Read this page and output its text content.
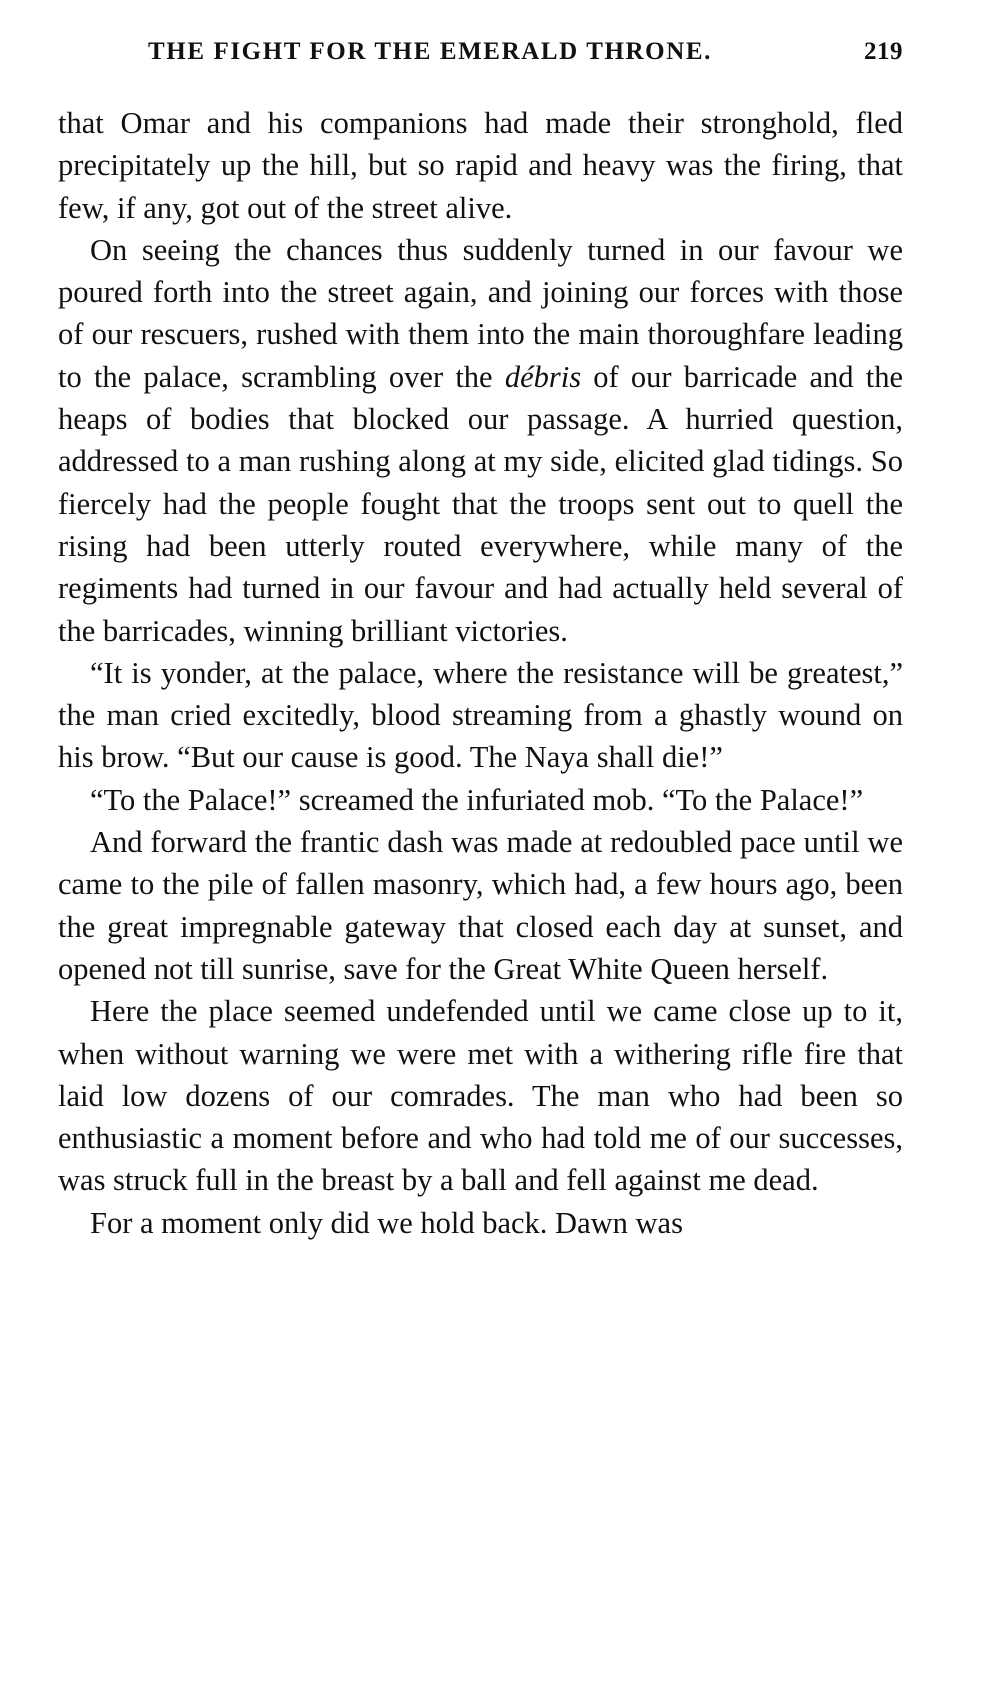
THE FIGHT FOR THE EMERALD THRONE.	219

that Omar and his companions had made their stronghold, fled precipitately up the hill, but so rapid and heavy was the firing, that few, if any, got out of the street alive.

On seeing the chances thus suddenly turned in our favour we poured forth into the street again, and joining our forces with those of our rescuers, rushed with them into the main thoroughfare leading to the palace, scrambling over the débris of our barricade and the heaps of bodies that blocked our passage. A hurried question, addressed to a man rushing along at my side, elicited glad tidings. So fiercely had the people fought that the troops sent out to quell the rising had been utterly routed everywhere, while many of the regiments had turned in our favour and had actually held several of the barricades, winning brilliant victories.

“It is yonder, at the palace, where the resistance will be greatest,” the man cried excitedly, blood streaming from a ghastly wound on his brow. “But our cause is good. The Naya shall die!”

“To the Palace!” screamed the infuriated mob. “To the Palace!”

And forward the frantic dash was made at redoubled pace until we came to the pile of fallen masonry, which had, a few hours ago, been the great impregnable gateway that closed each day at sunset, and opened not till sunrise, save for the Great White Queen herself.

Here the place seemed undefended until we came close up to it, when without warning we were met with a withering rifle fire that laid low dozens of our comrades. The man who had been so enthusiastic a moment before and who had told me of our successes, was struck full in the breast by a ball and fell against me dead.

For a moment only did we hold back. Dawn was
